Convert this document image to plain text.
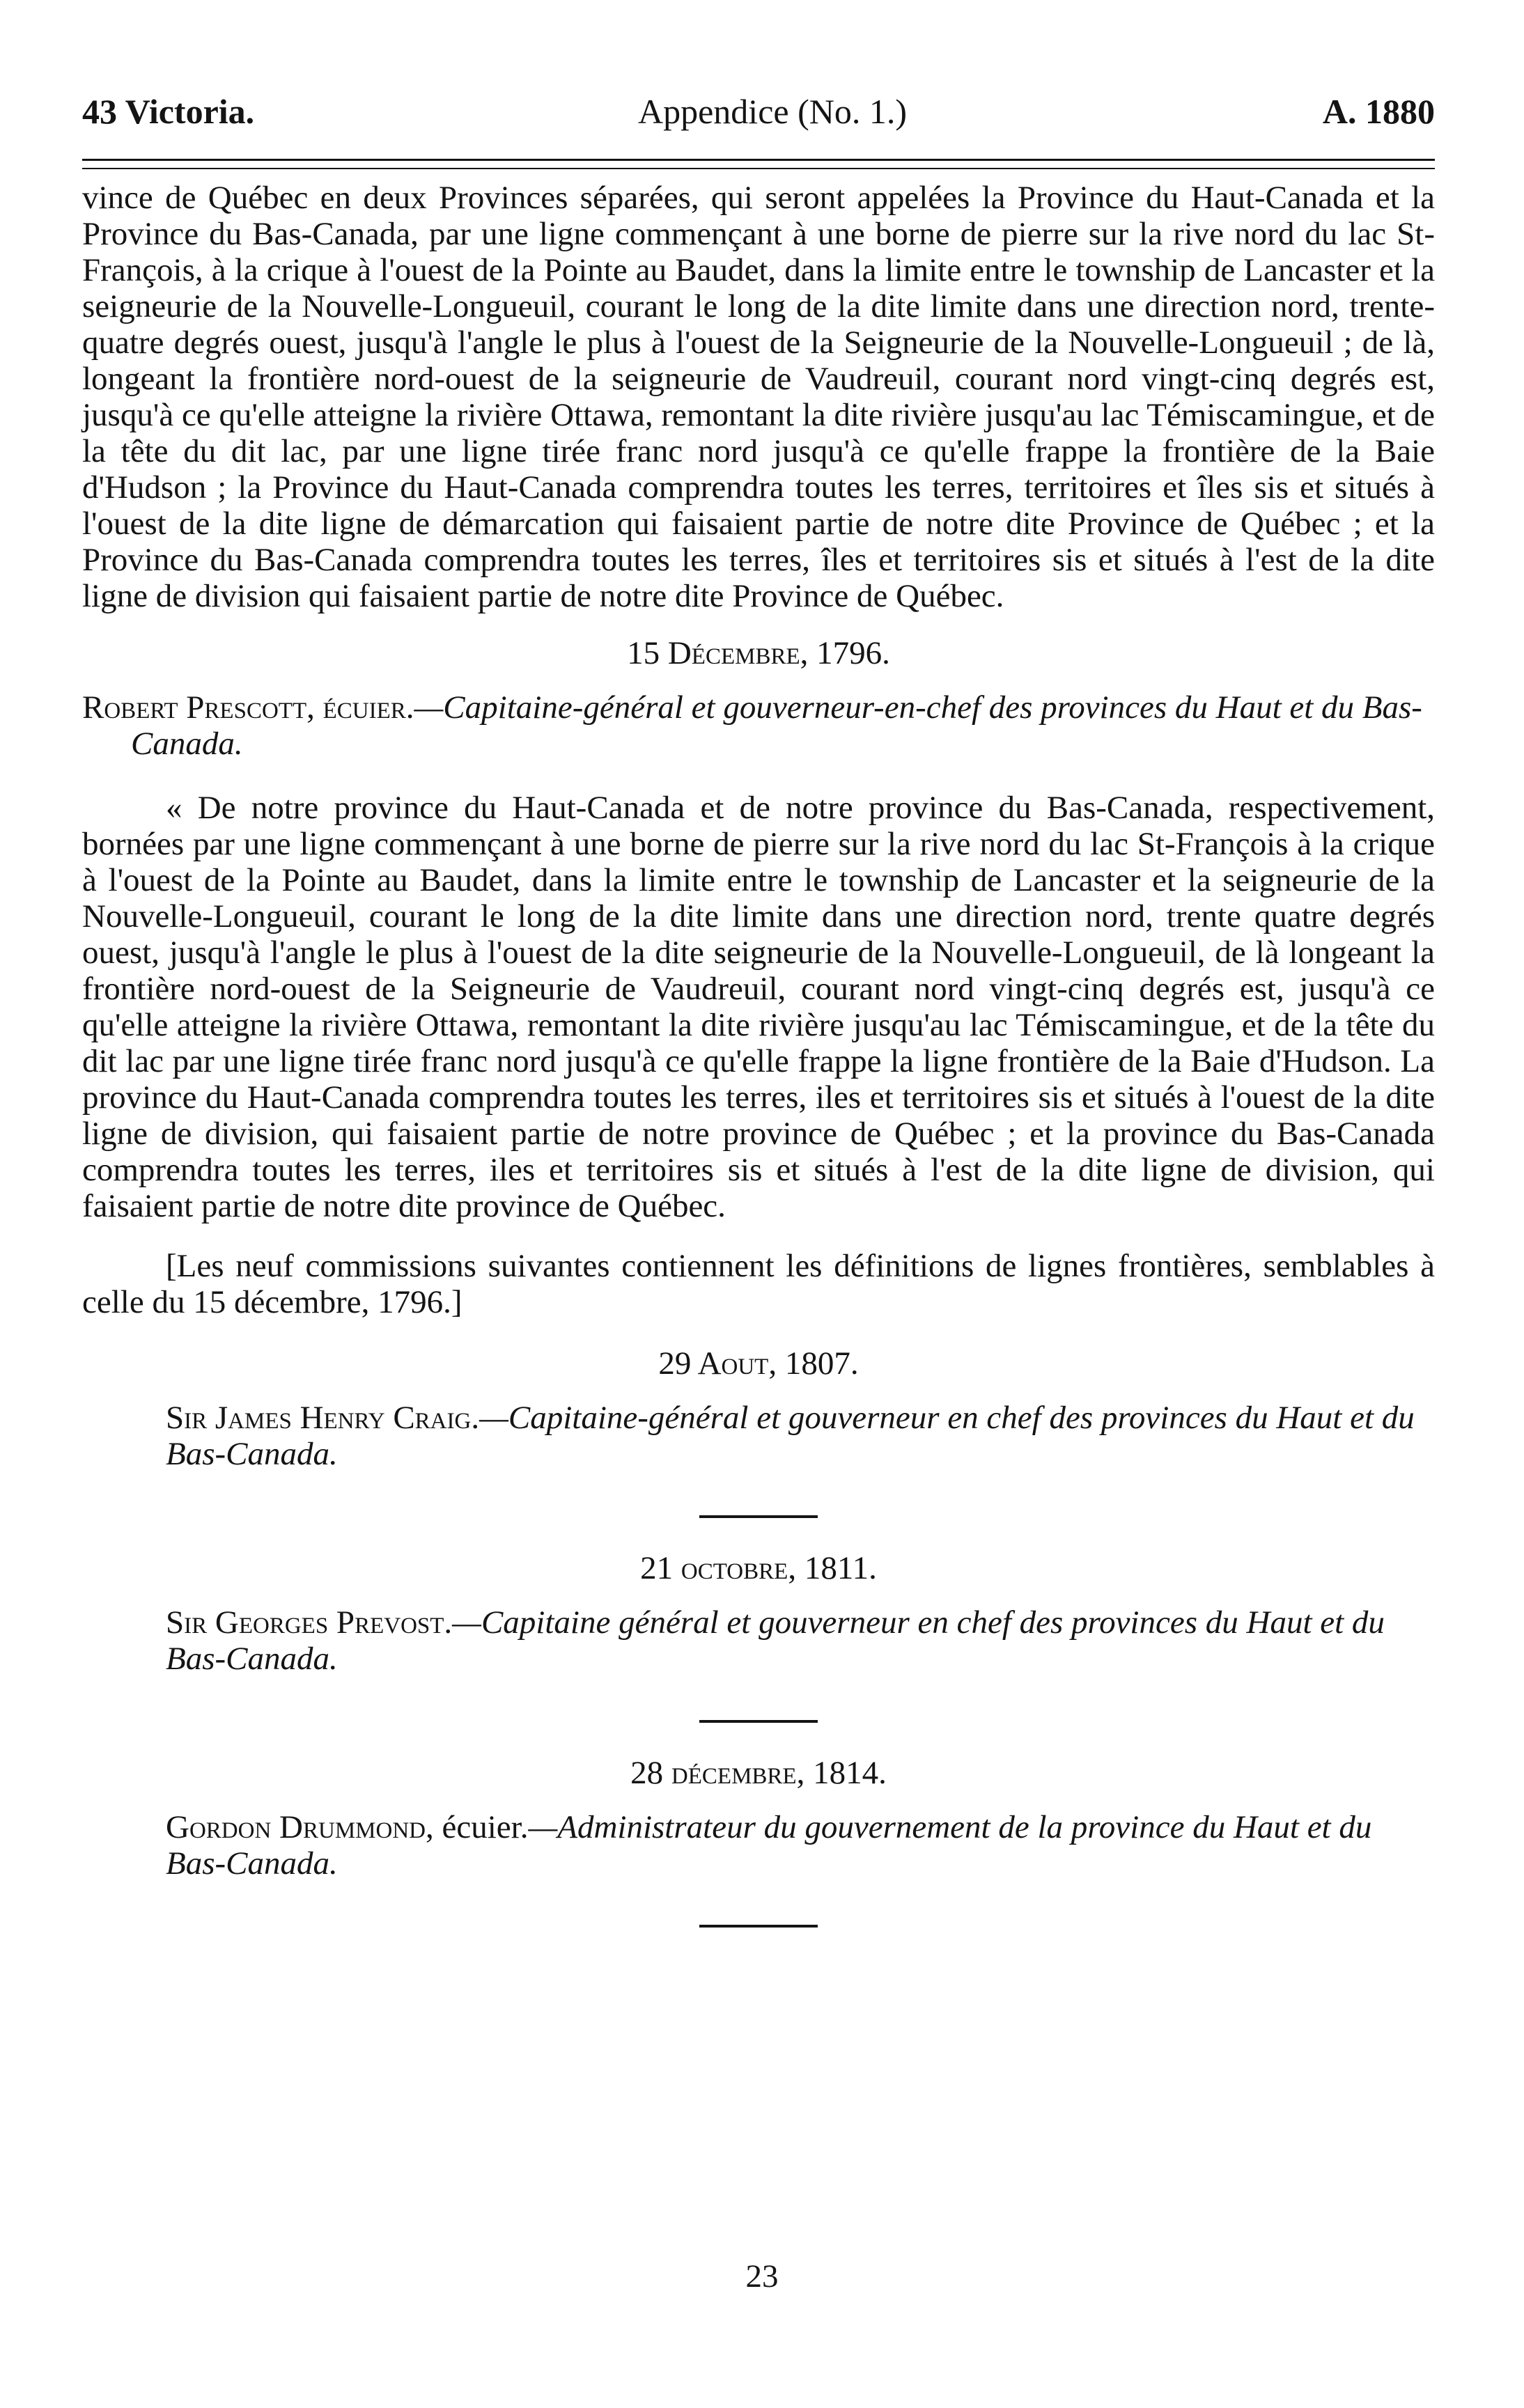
43 Victoria.	Appendice (No. 1.)	A. 1880

vince de Québec en deux Provinces séparées, qui seront appelées la Province du Haut-Canada et la Province du Bas-Canada, par une ligne commençant à une borne de pierre sur la rive nord du lac St-François, à la crique à l'ouest de la Pointe au Baudet, dans la limite entre le township de Lancaster et la seigneurie de la Nouvelle-Longueuil, courant le long de la dite limite dans une direction nord, trente-quatre degrés ouest, jusqu'à l'angle le plus à l'ouest de la Seigneurie de la Nouvelle-Longueuil ; de là, longeant la frontière nord-ouest de la seigneurie de Vaudreuil, courant nord vingt-cinq degrés est, jusqu'à ce qu'elle atteigne la rivière Ottawa, remontant la dite rivière jusqu'au lac Témiscamingue, et de la tête du dit lac, par une ligne tirée franc nord jusqu'à ce qu'elle frappe la frontière de la Baie d'Hudson ; la Province du Haut-Canada comprendra toutes les terres, territoires et îles sis et situés à l'ouest de la dite ligne de démarcation qui faisaient partie de notre dite Province de Québec ; et la Province du Bas-Canada comprendra toutes les terres, îles et territoires sis et situés à l'est de la dite ligne de division qui faisaient partie de notre dite Province de Québec.

15 Décembre, 1796.

Robert Prescott, écuier.—Capitaine-général et gouverneur-en-chef des provinces du Haut et du Bas-Canada.

« De notre province du Haut-Canada et de notre province du Bas-Canada, respectivement, bornées par une ligne commençant à une borne de pierre sur la rive nord du lac St-François à la crique à l'ouest de la Pointe au Baudet, dans la limite entre le township de Lancaster et la seigneurie de la Nouvelle-Longueuil, courant le long de la dite limite dans une direction nord, trente quatre degrés ouest, jusqu'à l'angle le plus à l'ouest de la dite seigneurie de la Nouvelle-Longueuil, de là longeant la frontière nord-ouest de la Seigneurie de Vaudreuil, courant nord vingt-cinq degrés est, jusqu'à ce qu'elle atteigne la rivière Ottawa, remontant la dite rivière jusqu'au lac Témiscamingue, et de la tête du dit lac par une ligne tirée franc nord jusqu'à ce qu'elle frappe la ligne frontière de la Baie d'Hudson. La province du Haut-Canada comprendra toutes les terres, iles et territoires sis et situés à l'ouest de la dite ligne de division, qui faisaient partie de notre province de Québec ; et la province du Bas-Canada comprendra toutes les terres, iles et territoires sis et situés à l'est de la dite ligne de division, qui faisaient partie de notre dite province de Québec.

[Les neuf commissions suivantes contiennent les définitions de lignes frontières, semblables à celle du 15 décembre, 1796.]

29 Aout, 1807.

Sir James Henry Craig.—Capitaine-général et gouverneur en chef des provinces du Haut et du Bas-Canada.

21 octobre, 1811.

Sir Georges Prevost.—Capitaine général et gouverneur en chef des provinces du Haut et du Bas-Canada.

28 décembre, 1814.

Gordon Drummond, écuier.—Administrateur du gouvernement de la province du Haut et du Bas-Canada.

23
